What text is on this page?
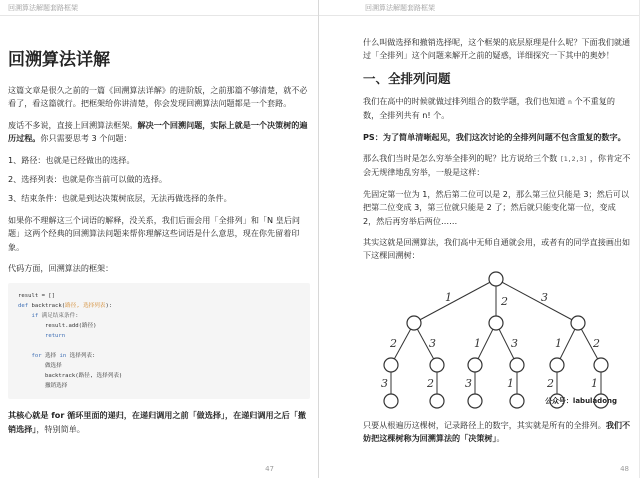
回溯算法解题套路框架
回溯算法详解

这篇文章是很久之前的一篇《回溯算法详解》的进阶版，之前那篇不够清楚，就不必看了，看这篇就行。把框架给你讲清楚，你会发现回溯算法问题都是一个套路。

废话不多说，直接上回溯算法框架。解决一个回溯问题，实际上就是一个决策树的遍历过程。你只需要思考 3 个问题：

1、路径：也就是已经做出的选择。

2、选择列表：也就是你当前可以做的选择。

3、结束条件：也就是到达决策树底层，无法再做选择的条件。

如果你不理解这三个词语的解释，没关系，我们后面会用「全排列」和「N 皇后问题」这两个经典的回溯算法问题来帮你理解这些词语是什么意思，现在你先留着印象。

代码方面，回溯算法的框架：

result = []
def backtrack(路径, 选择列表):
if 满足结束条件:
result.add(路径)
return

for 选择 in 选择列表:
做选择
backtrack(路径, 选择列表)
撤销选择

其核心就是 for 循环里面的递归，在递归调用之前「做选择」，在递归调用之后「撤销选择」，特别简单。

47
回溯算法解题套路框架

什么叫做选择和撤销选择呢，这个框架的底层原理是什么呢？下面我们就通过「全排列」这个问题来解开之前的疑惑，详细探究一下其中的奥妙！

一、全排列问题

我们在高中的时候就做过排列组合的数学题，我们也知道 n 个不重复的数，全排列共有 n! 个。

PS：为了简单清晰起见，我们这次讨论的全排列问题不包含重复的数字。

那么我们当时是怎么穷举全排列的呢？比方说给三个数 [1,2,3] ，你肯定不会无规律地乱穷举，一般是这样：

先固定第一位为 1，然后第二位可以是 2，那么第三位只能是 3；然后可以把第二位变成 3，第三位就只能是 2 了；然后就只能变化第一位，变成 2，然后再穷举后两位……

其实这就是回溯算法，我们高中无师自通就会用，或者有的同学直接画出如下这棵回溯树：

1	2	3
2	3	1	3	1	2
3	2	3	1	2	1
公众号：labuladong

只要从根遍历这棵树，记录路径上的数字，其实就是所有的全排列。我们不妨把这棵树称为回溯算法的「决策树」。

48
